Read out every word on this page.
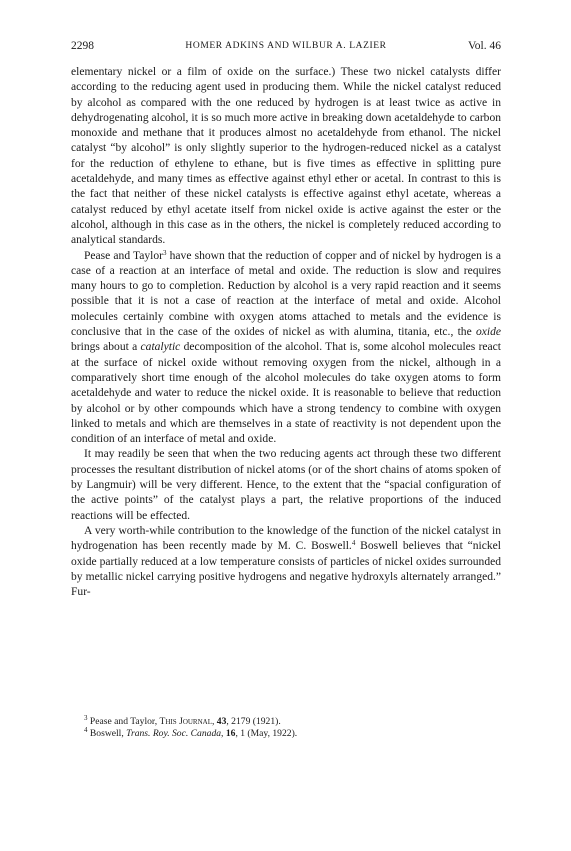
2298	HOMER ADKINS AND WILBUR A. LAZIER	Vol. 46

elementary nickel or a film of oxide on the surface.) These two nickel catalysts differ according to the reducing agent used in producing them. While the nickel catalyst reduced by alcohol as compared with the one reduced by hydrogen is at least twice as active in dehydrogenating alcohol, it is so much more active in breaking down acetaldehyde to carbon monoxide and methane that it produces almost no acetaldehyde from ethanol. The nickel catalyst “by alcohol” is only slightly superior to the hydrogen-reduced nickel as a catalyst for the reduction of ethylene to ethane, but is five times as effective in splitting pure acetaldehyde, and many times as effective against ethyl ether or acetal. In contrast to this is the fact that neither of these nickel catalysts is effective against ethyl acetate, whereas a catalyst reduced by ethyl acetate itself from nickel oxide is active against the ester or the alcohol, although in this case as in the others, the nickel is completely reduced according to analytical standards.

Pease and Taylor$^3$ have shown that the reduction of copper and of nickel by hydrogen is a case of a reaction at an interface of metal and oxide. The reduction is slow and requires many hours to go to completion. Reduction by alcohol is a very rapid reaction and it seems possible that it is not a case of reaction at the interface of metal and oxide. Alcohol molecules certainly combine with oxygen atoms attached to metals and the evidence is conclusive that in the case of the oxides of nickel as with alumina, titania, etc., the oxide brings about a catalytic decomposition of the alcohol. That is, some alcohol molecules react at the surface of nickel oxide without removing oxygen from the nickel, although in a comparatively short time enough of the alcohol molecules do take oxygen atoms to form acetaldehyde and water to reduce the nickel oxide. It is reasonable to believe that reduction by alcohol or by other compounds which have a strong tendency to combine with oxygen linked to metals and which are themselves in a state of reactivity is not dependent upon the condition of an interface of metal and oxide.

It may readily be seen that when the two reducing agents act through these two different processes the resultant distribution of nickel atoms (or of the short chains of atoms spoken of by Langmuir) will be very different. Hence, to the extent that the “spacial configuration of the active points” of the catalyst plays a part, the relative proportions of the induced reactions will be effected.

A very worth-while contribution to the knowledge of the function of the nickel catalyst in hydrogenation has been recently made by M. C. Boswell.$^4$ Boswell believes that “nickel oxide partially reduced at a low temperature consists of particles of nickel oxides surrounded by metallic nickel carrying positive hydrogens and negative hydroxyls alternately arranged.” Fur-

$^3$ Pease and Taylor, This Journal, 43, 2179 (1921).

$^4$ Boswell, Trans. Roy. Soc. Canada, 16, 1 (May, 1922).
